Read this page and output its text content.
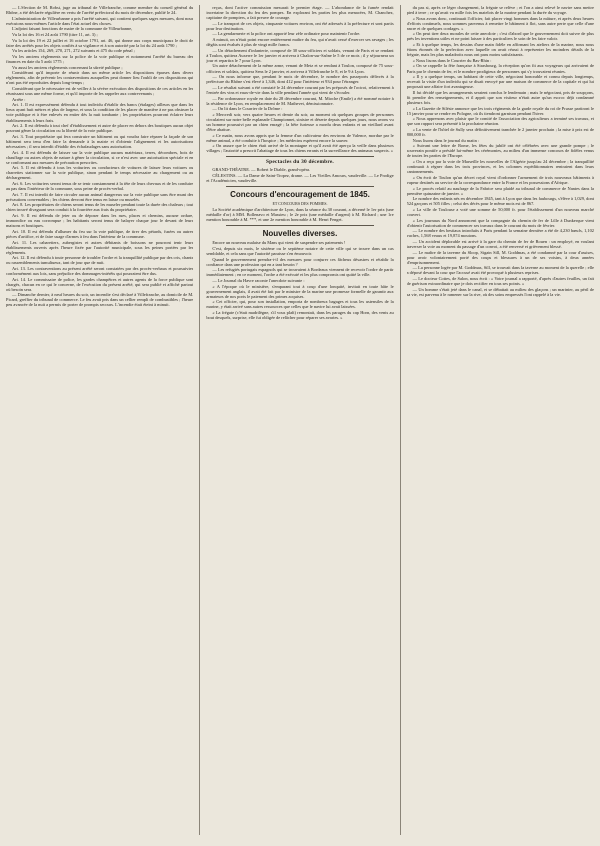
— L'élection de M. Robst, juge au tribunal de Villefranche, comme membre du conseil général du Rhône, a été déclarée régulière en vertu de l'arrêté préfectoral du mois de décembre, publié le 24.

L'administration de Villeurbanne a pris l'arrêté suivant, qui contient quelques sages mesures, dont nous exécutons nous-mêmes l'article dans l'état actuel des choses.

L'adjoint faisant fonctions de maire de la commune de Villeurbanne,

Vu la loi des 16 et 24 août 1790 (titre 11, art. 3) ;

Vu la loi des 19 et 22 juillet et 16 octobre 1791, art. 46, qui donne aux corps municipaux le droit de faire des arrêtés pour les objets confiés à sa vigilance et à son autorité par la loi du 24 août 1790 ;

Vu les articles 154, 269, 270, 271, 272 suivants et 475 du code pénal ;

Vu les anciens règlements sur la police de la voie publique et notamment l'arrêté du bureau des finances en date du 5 août 1775 ;

Vu aussi les anciens règlements concernant la sûreté publique ;

Considérant qu'il importe de réunir dans un même article les dispositions éparses dans divers règlements, afin de prévenir les contraventions auxquelles peut donner lieu l'oubli de ces dispositions qui n'ont pas été reproduites depuis long-temps ;

Considérant que le nécessaire est de veiller à la sévère exécution des dispositions de ces articles en les réunissant sous une même forme, et qu'il importe de les rappeler aux contrevenants ;

Arrête :

Art. 1. Il est expressément défendu à tout individu d'établir des bancs (étalages) ailleurs que dans les lieux ayant huit mètres et plus de largeur, et sous la condition de les placer de manière à ne pas obstruer la voie publique et à être enlevés en entier dès la nuit tombante ; les propriétaires pourront éclairer leurs établissements à leurs frais.

Art. 2. Il est défendu à tout chef d'établissement et autre de placer en dehors des boutiques aucun objet pouvant gêner la circulation ou la liberté de la voie publique.

Art. 3. Tout propriétaire qui fera construire un bâtiment ou qui voudra faire réparer la façade de son bâtiment sera tenu d'en faire la demande à la mairie et d'obtenir l'alignement et les autorisations nécessaires ; il sera interdit d'établir des échafaudages sans autorisation.

Art. 4. Il est défendu de laisser sur la voie publique aucuns matériaux, terres, décombres, bois de chauffage ou autres objets de nature à gêner la circulation, si ce n'est avec une autorisation spéciale et en se conformant aux mesures de précaution prescrites.

Art. 5. Il est défendu à tous les voituriers ou conducteurs de voitures de laisser leurs voitures ou charrettes stationner sur la voie publique, sinon pendant le temps nécessaire au chargement ou au déchargement.

Art. 6. Les voituriers seront tenus de se tenir constamment à la tête de leurs chevaux et de les conduire au pas dans l'intérieur de la commune, sous peine de procès-verbal.

Art. 7. Il est interdit de faire circuler aucun animal dangereux sur la voie publique sans être muni des précautions convenables ; les chiens devront être tenus en laisse ou muselés.

Art. 8. Les propriétaires de chiens seront tenus de les museler pendant toute la durée des chaleurs ; tout chien trouvé divaguant sera conduit à la fourrière aux frais du propriétaire.

Art. 9. Il est défendu de jeter ou de déposer dans les rues, places et chemins, aucune ordure, immondice ou eau corrompue ; les habitants seront tenus de balayer chaque jour le devant de leurs maisons et boutiques.

Art. 10. Il est défendu d'allumer du feu sur la voie publique, de tirer des pétards, fusées ou autres pièces d'artifice, et de faire usage d'armes à feu dans l'intérieur de la commune.

Art. 11. Les cabaretiers, aubergistes et autres débitants de boissons ne pourront tenir leurs établissements ouverts après l'heure fixée par l'autorité municipale, sous les peines portées par les règlements.

Art. 12. Il est défendu à toute personne de troubler l'ordre et la tranquillité publique par des cris, chants ou rassemblements tumultueux, tant de jour que de nuit.

Art. 13. Les contraventions au présent arrêté seront constatées par des procès-verbaux et poursuivies conformément aux lois, sans préjudice des dommages-intérêts qui pourraient être dus.

Art. 14. Le commissaire de police, les gardes champêtres et autres agents de la force publique sont chargés, chacun en ce qui le concerne, de l'exécution du présent arrêté, qui sera publié et affiché partout où besoin sera.

— Dimanche dernier, à neuf heures du soir, un incendie s'est déclaré à Villefranche, au domicile de M. Picard, greffier du tribunal de commerce. Le feu avait pris dans un cellier rempli de combustibles ; l'heure peu avancée de la nuit a permis de porter de prompts secours. L'incendie était éteint à minuit.

reçus, dont l'active commission mesurait le premier étage. — L'abondance de la fumée rendait incertaine la direction du feu des pompes. En explorant les parties les plus menacées, M. Chanchez, capitaine de pompiers, a fait preuve de courage.

— Le transport de ces objets, cinquante voitures environ, ont été adressés à la préfecture et sont partis pour leur destination.

— La gendarmerie et la police ont apporté leur zèle ordinaire pour maintenir l'ordre.

A minuit, on n'était point encore entièrement maître du feu, qui n'avait cessé d'exercer ses ravages ; les dégâts sont évalués à plus de vingt mille francs.

— Un détachement d'infanterie, composé de 30 sous-officiers et soldats, venant de Paris et se rendant à Toulon, quittera Auxerre le 1er janvier et arrivera à Chalon-sur-Saône le 5 de ce mois ; il y séjournera un jour et repartira le 7 pour Lyon.

Un autre détachement de la même arme, venant de Metz et se rendant à Toulon, composé de 75 sous-officiers et soldats, quittera Sens le 2 janvier, et arrivera à Villefranche le 8, et le 9 à Lyon.

— On nous informe que, pendant le mois de décembre, le nombre des passeports délivrés à la préfecture du Rhône s'est élevé à 1,346, dont 412 pour l'intérieur et 934 pour l'étranger.

— Le résultat suivant a été constaté le 24 décembre courant par les préposés de l'octroi, relativement à l'entrée des vins et eaux-de-vie dans la ville pendant l'année qui vient de s'écouler.

— Par ordonnance royale en date du 28 décembre courant, M. Mioche (Emile) a été nommé notaire à la résidence de Lyon, en remplacement de M. Mathevet, démissionnaire.

— On lit dans le Courrier de la Drôme :

« Mercredi soir, vers quatre heures et demie du soir, au moment où quelques groupes de personnes circulaient sur notre belle esplanade Championnet, sinistre et déserte depuis quelques jours, nous avons vu un homme poursuivi par un chien enragé ; la bête furieuse a mordu deux enfants et un vieillard avant d'être abattue.

« Ce matin, nous avons appris que la femme d'un cultivateur des environs de Valence, mordue par le même animal, a été conduite à l'hospice ; les médecins espèrent encore la sauver.

« On assure que le chien était arrivé de la montagne et qu'il avait été aperçu la veille dans plusieurs villages ; l'autorité a prescrit l'abattage de tous les chiens errants et la surveillance des animaux suspects. »

Spectacles du 30 décembre.

GRAND-THÉATRE. — Robert le Diable, grand-opéra.

CÉLESTINS. — La Dame de Saint-Tropez, drame. — Les Vieilles Amours, vaudeville. — Le Prodige et l'Académicien, vaudeville.

Concours d'encouragement de 1845.
ET CONCOURS DES POMMES.

La Société académique d'architecture de Lyon, dans la séance du 30 courant, a décerné le 1er prix (une médaille d'or) à MM. Bollenavo et Massieu ; le 2e prix (une médaille d'argent) à M. Richard ; une 1re mention honorable à M. ***, et une 2e mention honorable à M. Henri Fenget.

Nouvelles diverses.

Encore un nouveau malaise du Mans qui vient de suspendre ses paiements !

C'est, depuis six mois, le sixième ou le septième notaire de cette ville qui se trouve dans un cas semblable, et cela sans que l'autorité paraisse s'en émouvoir.

Quand le gouvernement prendra-t-il des mesures pour conjurer ces fâcheux désastres et rétablir la confiance dans une profession qui en a tant besoin ?

— Les refugiés portugais espagnols qui se trouvaient à Bordeaux viennent de recevoir l'ordre de partir immédiatement ; en ce moment, l'ordre a été exécuté et les plus compromis ont quitté la ville.

— Le Journal du Havre raconte l'anecdote suivante :

« A l'époque où le ministère, s'emparant tout à coup d'une lonquité, invitait en toute hâte le gouvernement anglais, il avait été fait par le ministre de la marine une promesse formelle de garantir aux armateurs de nos ports le paiement des primes acquises.

« Cet officier, qui, pour son installation, emporta de nombreux bagages et tous les ustensiles de la marine, y était arrivé sans autres ressources que celles que le navire lui avait laissées.

« La frégate (c'était madrilègne, s'il vous plaît) remontait, dans les parages du cap Horn, des vents au bout desquels, surprise, elle fut obligée de relâcher pour réparer ses avaries. »

du pas si, après ce léger changement, la frégate se relève ; et l'on a ainsi relevé le navire sans mettre pied à terre ; ce qu'avait vu mille fois les matelots de la marine pendant la durée du voyage.

« Nous avons donc, continuait l'officier, fait placer vingt hommes dans la mâture, et après deux heures d'efforts continuels, nous sommes parvenus à remettre le bâtiment à flot, sans autre perte que celle d'une ancre et de quelques cordages. »

« On peut tirer deux morales de cette anecdote ; c'est d'abord que le gouvernement doit suivre de plus près les inventions utiles et ne point laisser à des particuliers le soin de les faire valoir.

« Et à quelque temps, les dessins d'une main fidèle en affirmant les ateliers de la marine, nous nous étions étonnés de la perfection avec laquelle on avait réussi à représenter les moindres détails de la frégate, mais les plus maladroits nous ont paru moins satisfaisants.

« Nous lisons dans le Courrier du Bas-Rhin :

« On se rappelle la fête française à Strasbourg, la réception qu'on fit aux voyageurs qui arrivaient de Paris par le chemin de fer, et le nombre prodigieux de personnes qui s'y trouvaient réunies.

« Il y a quelque temps, un habitant de cette ville, négociant honorable et connu depuis longtemps, recevait la visite d'un individu qui se disait envoyé par une maison de commerce de la capitale et qui lui proposait une affaire fort avantageuse.

Il fut décidé que les arrangements seraient conclus le lendemain ; mais le négociant, pris de soupçons, fit prendre des renseignements, et il apprit que son visiteur n'était autre qu'un escroc déjà condamné plusieurs fois.

« La Gazette de Silésie annonce que les trois régiments de la garde royale du roi de Prusse partiront le 15 janvier pour se rendre en Pologne, où ils tiendront garnison pendant l'hiver.

« Nous apprenons avec plaisir que le comité de l'association des agriculteurs a terminé ses travaux, et que son rapport sera présenté à la prochaine réunion.

« La vente de l'hôtel de Sully sera définitivement tranchée le 2 janvier prochain ; la mise à prix est de 800,000 fr.

Nous lisons dans le journal du matin :

« Suivant une lettre de Rome, les fêtes du jubilé ont été célébrées avec une grande pompe ; le souverain pontife a présidé lui-même les cérémonies, au milieu d'un immense concours de fidèles venus de toutes les parties de l'Europe.

« On a reçu par la voie de Marseille les nouvelles de l'Algérie jusqu'au 24 décembre ; la tranquillité continuait à régner dans les trois provinces, et les colonnes expéditionnaires rentraient dans leurs cantonnements.

« On écrit de Toulon qu'un décret royal vient d'ordonner l'armement de trois nouveaux bâtiments à vapeur destinés au service de la correspondance entre la France et les possessions d'Afrique.

« Le procès relatif au naufrage de la Fabrice sera plaidé au tribunal de commerce de Nantes dans la première quinzaine de janvier. »

Le nombre des enfants nés en décembre 1845, tant à Lyon que dans les faubourgs, s'élève à 1,029, dont 524 garçons et 505 filles ; celui des décès pour le même mois est de 867.

« La ville de Toulouse a voté une somme de 50,000 fr. pour l'établissement d'un nouveau marché couvert.

« Les journaux du Nord annoncent que la compagnie du chemin de fer de Lille à Dunkerque vient d'obtenir l'autorisation de commencer ses travaux dans le courant du mois de février.

— Le nombre des bestiaux introduits à Paris pendant la semaine dernière a été de 4,230 bœufs, 1,102 vaches, 1,568 veaux et 19,874 moutons.

— Un accident déplorable est arrivé à la gare du chemin de fer de Rouen : un employé, en voulant traverser la voie au moment du passage d'un convoi, a été renversé et grièvement blessé.

— Le maître de la taverne du Sloop, Sigain Sill, M. Goddmas, a été condamné par la cour d'assises, pour avoir volontairement porté des coups et blessures à un de ses voisins, à deux années d'emprisonnement.

— La personne logée par M. Goddmas, Sill, se trouvait dans la taverne au moment de la querelle ; elle a déposé devant la cour que l'accusé avait été provoqué à plusieurs reprises.

— Le docteur Cottes, de Salon, nous écrit : « Votre journal a rapporté, d'après d'autres feuilles, un fait de guérison extraordinaire que je dois rectifier en tous ses points. »

— Un homme s'était jeté dans le canal, et se débattait au milieu des glaçons ; un marinier, au péril de sa vie, est parvenu à le ramener sur la rive, où des soins empressés l'ont rappelé à la vie.
